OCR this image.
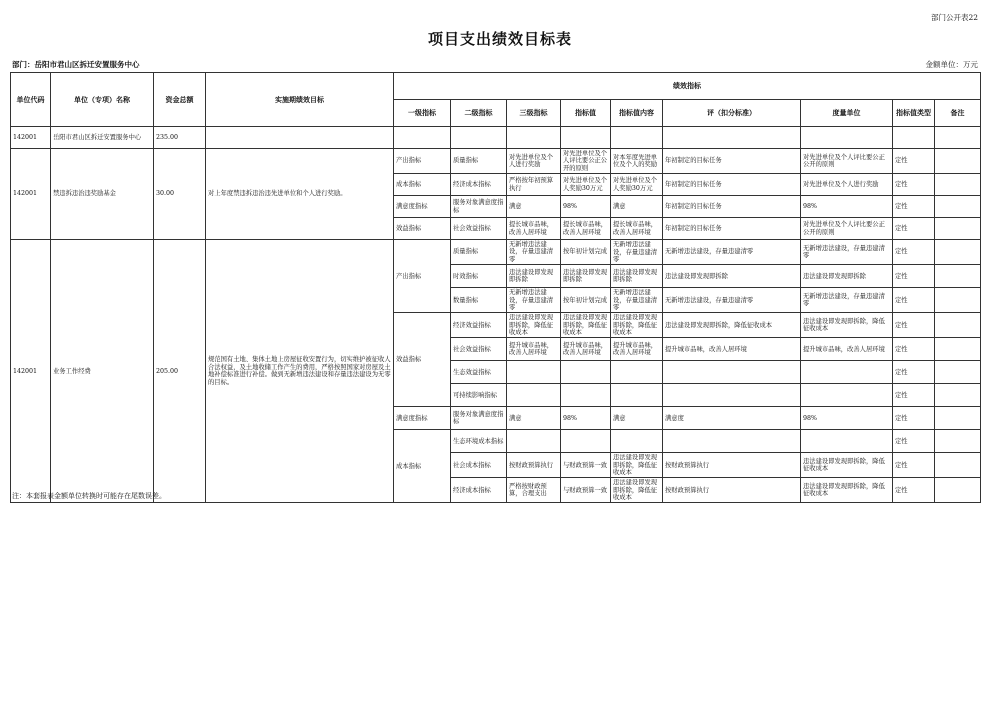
部门公开表22
项目支出绩效目标表
部门：岳阳市君山区拆迁安置服务中心	金额单位：万元
单位代码	单位（专项）名称	资金总额	实施期绩效目标	绩效指标								
				一级指标	二级指标	三级指标	指标值	指标值内容	评（扣分标准）	度量单位	指标值类型	备注
142001	岳阳市君山区拆迁安置服务中心	235.00										
142001	禁违拆违治违奖励基金	30.00	对上年度禁违拆违治违先进单位和个人进行奖励。	产出指标	质量指标	对先进单位及个人进行奖励	对先进单位及个人评比要公正公开的原则	对本年度先进单位及个人的奖励	年初制定的目标任务	对先进单位及个人评比要公正公开的原则	定性	
				成本指标	经济成本指标	严格按年初预算执行	对先进单位及个人奖励30万元	对先进单位及个人奖励30万元	年初制定的目标任务	对先进单位及个人进行奖励	定性	
				满意度指标	服务对象满意度指标	满意	98%	满意	年初制定的目标任务	98%	定性	
				效益指标	社会效益指标	提长城市品味，改善人居环境	提长城市品味，改善人居环境	提长城市品味，改善人居环境	年初制定的目标任务	对先进单位及个人评比要公正公开的原则	定性	
142001	业务工作经费	205.00	规范国有土地、集体土地上房屋征收安置行为，切实维护被征收人合法权益，及土地收储工作产生的费用，严格按照国家对房屋及土地补偿标准进行补偿。做到无新增违法建设和存量违法建设为无零的目标。	产出指标	质量指标	无新增违法建设，存量违建清零	按年初计划完成	无新增违法建设，存量违建清零	无新增违法建设，存量违建清零	无新增违法建设，存量违建清零	定性	
					时效指标	违法建设即发现即拆除	违法建设即发现即拆除	违法建设即发现即拆除	违法建设即发现即拆除	违法建设即发现即拆除	定性	
					数量指标	无新增违法建设，存量违建清零	按年初计划完成	无新增违法建设，存量违建清零	无新增违法建设，存量违建清零	无新增违法建设，存量违建清零	定性	
				效益指标	经济效益指标	违法建设即发现即拆除，降低征收成本	违法建设即发现即拆除，降低征收成本	违法建设即发现即拆除，降低征收成本	违法建设即发现即拆除，降低征收成本	违法建设即发现即拆除，降低征收成本	定性	
					社会效益指标	提升城市品味，改善人居环境	提升城市品味，改善人居环境	提升城市品味，改善人居环境	提升城市品味，改善人居环境	提升城市品味，改善人居环境	定性	
					生态效益指标						定性	
					可持续影响指标						定性	
				满意度指标	服务对象满意度指标	满意	98%	满意	满意度	98%	定性	
				成本指标	生态环境成本指标						定性	
					社会成本指标	按财政预算执行	与财政预算一致	违法建设即发现即拆除，降低征收成本	按财政预算执行	违法建设即发现即拆除，降低征收成本	定性	
					经济成本指标	严格按财政预算，合理支出	与财政预算一致	违法建设即发现即拆除，降低征收成本	按财政预算执行	违法建设即发现即拆除，降低征收成本	定性	
注：本套报表金额单位转换时可能存在尾数误差。
